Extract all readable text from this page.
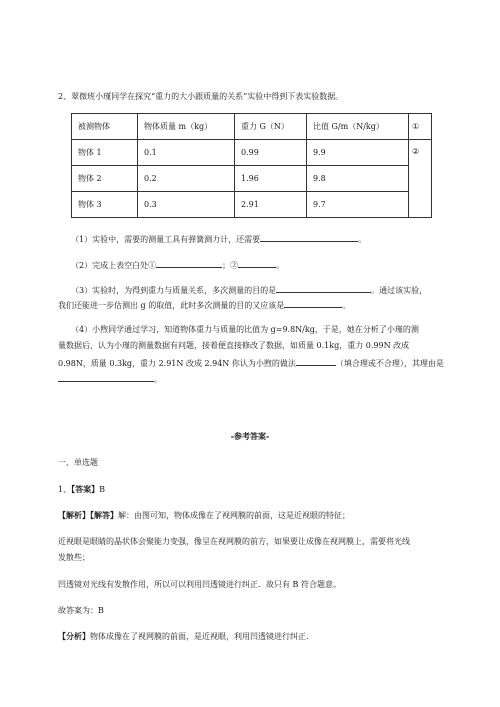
2、翠微班小瑾同学在探究“重力的大小跟质量的关系”实验中得到下表实验数据。
被测物体	物体质量 m（kg）	重力 G（N）	比值 G/m（N/kg）	①
物体 1	0.1	0.99	9.9	②
物体 2	0.2	1.96	9.8	
物体 3	0.3	2.91	9.7	
（1）实验中，需要的测量工具有弹簧测力计，还需要	。
（2）完成上表空白处①	；②	。
（3）实验时，为得到重力与质量关系，多次测量的目的是	。通过该实验，
我们还能进一步估测出 g 的取值，此时多次测量的目的又应该是	。
（4）小煦同学通过学习，知道物体重力与质量的比值为 g=9.8N/kg，于是，她在分析了小瑾的测
量数据后，认为小瑾的测量数据有问题，接着便直接修改了数据，如质量 0.1kg，重力 0.99N 改成
0.98N，质量 0.3kg，重力 2.91N 改成 2.94N 你认为小煦的做法	（填合理或不合理），其理由是
。
-参考答案-
一、单选题
1、【答案】B
【解析】【解答】解：由图可知，物体成像在了视网膜的前面，这是近视眼的特征；
近视眼是眼睛的晶状体会聚能力变强，像呈在视网膜的前方，如果要让成像在视网膜上，需要将光线
发散些；
凹透镜对光线有发散作用，所以可以利用凹透镜进行纠正．故只有 B 符合题意。
故答案为：B
【分析】物体成像在了视网膜的前面，是近视眼，利用凹透镜进行纠正.
